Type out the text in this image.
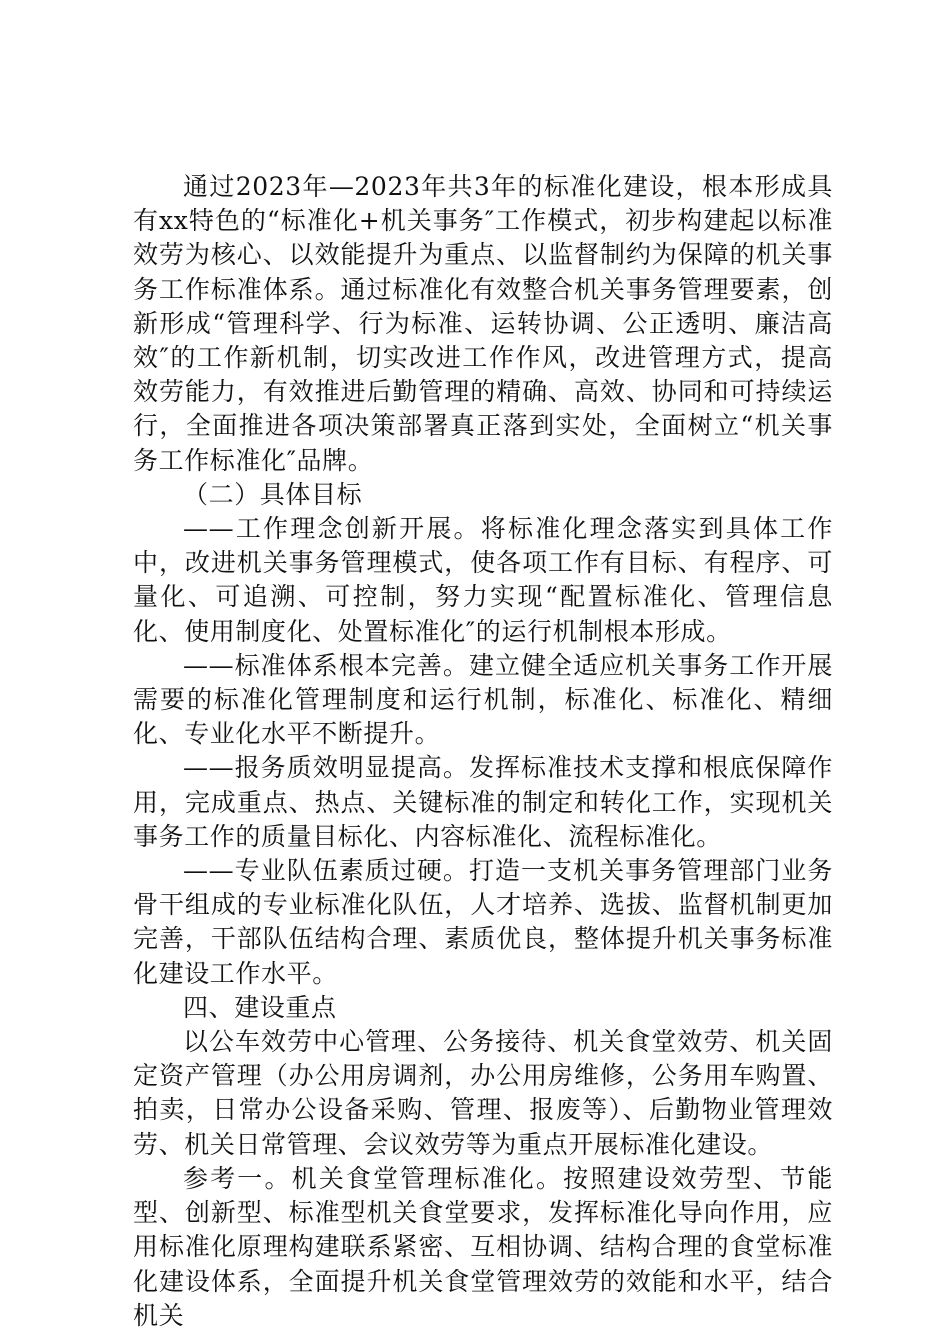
通过2023年—2023年共3年的标准化建设，根本形成具有xx特色的“标准化+机关事务″工作模式，初步构建起以标准效劳为核心、以效能提升为重点、以监督制约为保障的机关事务工作标准体系。通过标准化有效整合机关事务管理要素，创新形成“管理科学、行为标准、运转协调、公正透明、廉洁高效″的工作新机制，切实改进工作作风，改进管理方式，提高效劳能力，有效推进后勤管理的精确、高效、协同和可持续运行，全面推进各项决策部署真正落到实处，全面树立“机关事务工作标准化″品牌。

（二）具体目标

——工作理念创新开展。将标准化理念落实到具体工作中，改进机关事务管理模式，使各项工作有目标、有程序、可量化、可追溯、可控制，努力实现“配置标准化、管理信息化、使用制度化、处置标准化″的运行机制根本形成。

——标准体系根本完善。建立健全适应机关事务工作开展需要的标准化管理制度和运行机制，标准化、标准化、精细化、专业化水平不断提升。

——报务质效明显提高。发挥标准技术支撑和根底保障作用，完成重点、热点、关键标准的制定和转化工作，实现机关事务工作的质量目标化、内容标准化、流程标准化。

——专业队伍素质过硬。打造一支机关事务管理部门业务骨干组成的专业标准化队伍，人才培养、选拔、监督机制更加完善，干部队伍结构合理、素质优良，整体提升机关事务标准化建设工作水平。

四、建设重点

以公车效劳中心管理、公务接待、机关食堂效劳、机关固定资产管理（办公用房调剂，办公用房维修，公务用车购置、拍卖，日常办公设备采购、管理、报废等）、后勤物业管理效劳、机关日常管理、会议效劳等为重点开展标准化建设。

参考一。机关食堂管理标准化。按照建设效劳型、节能型、创新型、标准型机关食堂要求，发挥标准化导向作用，应用标准化原理构建联系紧密、互相协调、结构合理的食堂标准化建设体系，全面提升机关食堂管理效劳的效能和水平，结合机关
